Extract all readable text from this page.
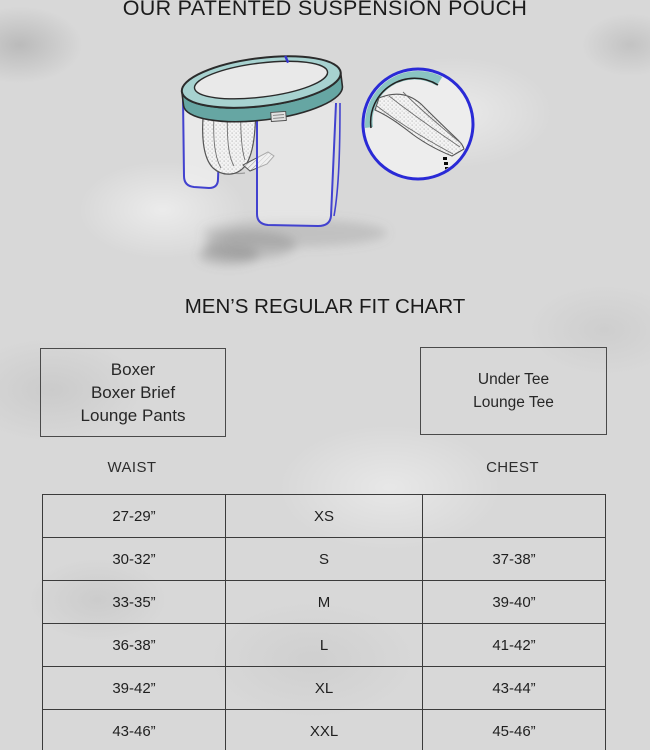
OUR PATENTED SUSPENSION POUCH
MEN’S REGULAR FIT CHART
Boxer
Boxer Brief
Lounge Pants
Under Tee
Lounge Tee
WAIST	CHEST
27-29”	XS	
30-32”	S	37-38”
33-35”	M	39-40”
36-38”	L	41-42”
39-42”	XL	43-44”
43-46”	XXL	45-46”
